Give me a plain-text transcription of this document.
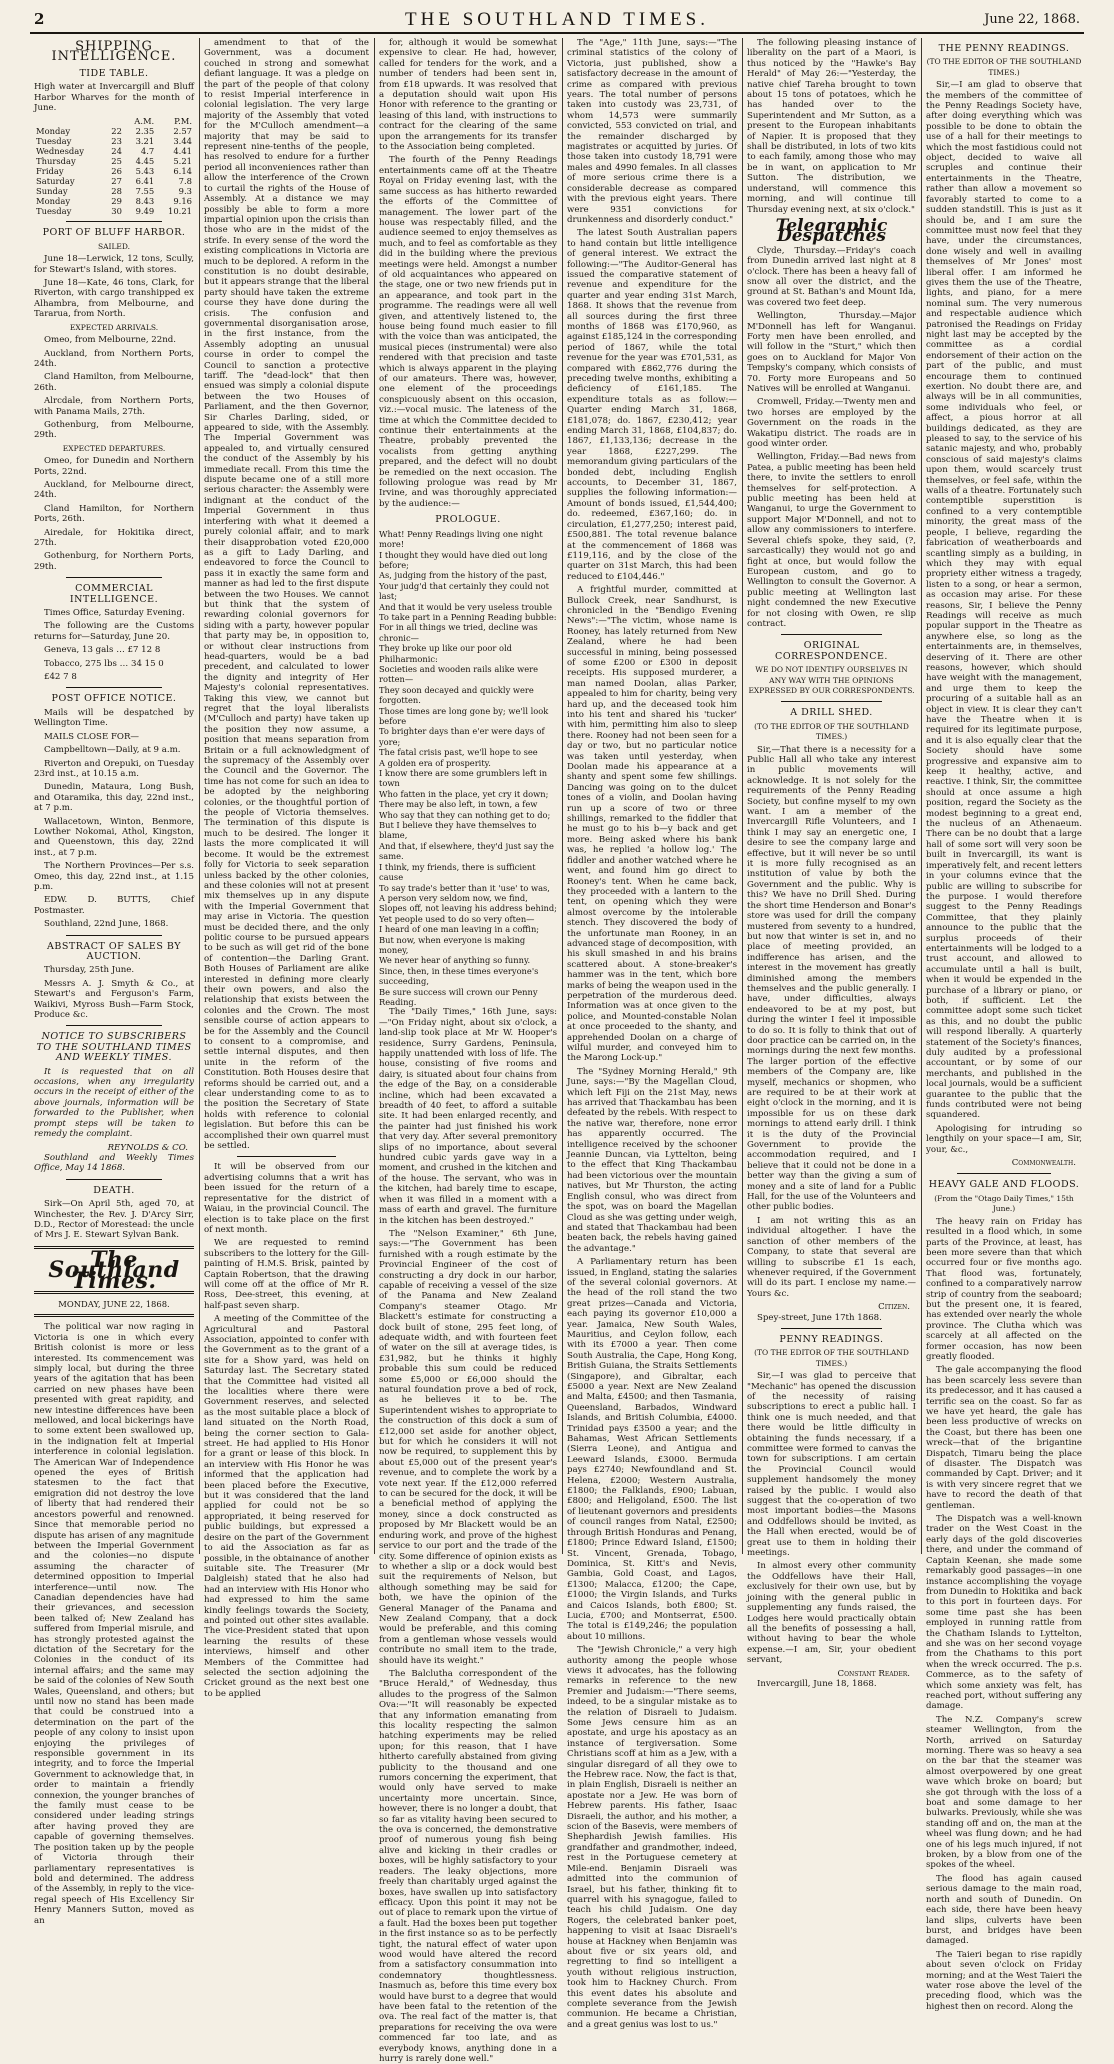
2	THE SOUTHLAND TIMES.	June 22, 1868.
SHIPPING INTELLIGENCE.
TIDE TABLE.

High water at Invercargill and Bluff Harbor Wharves for the month of June.

		A.M.	P.M.
Monday	22	2.35	2.57
Tuesday	23	3.21	3.44
Wednesday	24	4.7	4.41
Thursday	25	4.45	5.21
Friday	26	5.43	6.14
Saturday	27	6.41	7.8
Sunday	28	7.55	9.3
Monday	29	8.43	9.16
Tuesday	30	9.49	10.21
PORT OF BLUFF HARBOR.
SAILED.

June 18—Lerwick, 12 tons, Scully, for Stewart's Island, with stores.

June 18—Kate, 46 tons, Clark, for Riverton, with cargo transhipped ex Alhambra, from Melbourne, and Tararua, from North.

EXPECTED ARRIVALS.

Omeo, from Melbourne, 22nd.

Auckland, from Northern Ports, 24th.

Cland Hamilton, from Melbourne, 26th.

Alrcdale, from Northern Ports, with Panama Mails, 27th.

Gothenburg, from Melbourne, 29th.

EXPECTED DEPARTURES.

Omeo, for Dunedin and Northern Ports, 22nd.

Auckland, for Melbourne direct, 24th.

Cland Hamilton, for Northern Ports, 26th.

Airedale, for Hokitika direct, 27th.

Gothenburg, for Northern Ports, 29th.

COMMERCIAL INTELLIGENCE.

Times Office, Saturday Evening.

The following are the Customs returns for—Saturday, June 20.

Geneva, 13 gals … £7 12 8

Tobacco, 275 lbs … 34 15 0

£42 7 8

POST OFFICE NOTICE.

Mails will be despatched by Wellington Time.

MAILS CLOSE FOR—

Campbelltown—Daily, at 9 a.m.

Riverton and Orepuki, on Tuesday 23rd inst., at 10.15 a.m.

Dunedin, Mataura, Long Bush, and Otaramika, this day, 22nd inst., at 7 p.m.

Wallacetown, Winton, Benmore, Lowther Nokomai, Athol, Kingston, and Queenstown, this day, 22nd inst., at 7 p.m.

The Northern Provinces—Per s.s. Omeo, this day, 22nd inst., at 1.15 p.m.

EDW. D. BUTTS, Chief Postmaster.

Southland, 22nd June, 1868.

ABSTRACT OF SALES BY AUCTION.

Thursday, 25th June.

Messrs A. J. Smyth & Co., at Stewart's and Ferguson's Farm, Waikivi, Myross Bush—Farm Stock, Produce &c.

NOTICE TO SUBSCRIBERS TO THE SOUTHLAND TIMES AND WEEKLY TIMES.

It is requested that on all occasions, when any irregularity occurs in the receipt of either of the above journals, information will be forwarded to the Publisher, when prompt steps will be taken to remedy the complaint.

REYNOLDS & CO.

Southland and Weekly Times Office, May 14 1868.

DEATH.

Sirk—On April 5th, aged 70, at Winchester, the Rev. J. D'Arcy Sirr, D.D., Rector of Morestead: the uncle of Mrs J. E. Stewart Sylvan Bank.

The Southland Times.
MONDAY, JUNE 22, 1868.

The political war now raging in Victoria is one in which every British colonist is more or less interested. Its commencement was simply local, but during the three years of the agitation that has been carried on new phases have been presented with great rapidity, and new intestine differences have been mellowed, and local bickerings have to some extent been swallowed up, in the indignation felt at Imperial interference in colonial legislation. The American War of Independence opened the eyes of British statesmen to the fact that emigration did not destroy the love of liberty that had rendered their ancestors powerful and renowned. Since that memorable period no dispute has arisen of any magnitude between the Imperial Government and the colonies—no dispute assuming the character of determined opposition to Imperial interference—until now. The Canadian dependencies have had their grievances, and secession been talked of; New Zealand has suffered from Imperial misrule, and has strongly protested against the dictation of the Secretary for the Colonies in the conduct of its internal affairs; and the same may be said of the colonies of New South Wales, Queensland, and others; but until now no stand has been made that could be construed into a determination on the part of the people of any colony to insist upon enjoying the privileges of responsible government in its integrity, and to force the Imperial Government to acknowledge that, in order to maintain a friendly connexion, the younger branches of the family must cease to be considered under leading strings after having proved they are capable of governing themselves. The position taken up by the people of Victoria through their parliamentary representatives is bold and determined. The address of the Assembly, in reply to the vice-regal speech of His Excellency Sir Henry Manners Sutton, moved as an

amendment to that of the Government, was a document couched in strong and somewhat defiant language. It was a pledge on the part of the people of that colony to resist Imperial interference in colonial legislation. The very large majority of the Assembly that voted for the M'Culloch amendment—a majority that may be said to represent nine-tenths of the people, has resolved to endure for a further period all inconveniences rather than allow the interference of the Crown to curtail the rights of the House of Assembly. At a distance we may possibly be able to form a more impartial opinion upon the crisis than those who are in the midst of the strife. In every sense of the word the existing complications in Victoria are much to be deplored. A reform in the constitution is no doubt desirable, but it appears strange that the liberal party should have taken the extreme course they have done during the crisis. The confusion and governmental disorganisation arose, in the first instance, from the Assembly adopting an unusual course in order to compel the Council to sanction a protective tariff. The "dead-lock" that then ensued was simply a colonial dispute between the two Houses of Parliament, and the then Governor, Sir Charles Darling, sided, or appeared to side, with the Assembly. The Imperial Government was appealed to, and virtually censured the conduct of the Assembly by his immediate recall. From this time the dispute became one of a still more serious character: the Assembly were indignant at the conduct of the Imperial Government in thus interfering with what it deemed a purely colonial affair, and to mark their disapprobation voted £20,000 as a gift to Lady Darling, and endeavored to force the Council to pass it in exactly the same form and manner as had led to the first dispute between the two Houses. We cannot but think that the system of rewarding colonial governors for siding with a party, however popular that party may be, in opposition to, or without clear instructions from head-quarters, would be a bad precedent, and calculated to lower the dignity and integrity of Her Majesty's colonial representatives. Taking this view, we cannot but regret that the loyal liberalists (M'Culloch and party) have taken up the position they now assume, a position that means separation from Britain or a full acknowledgment of the supremacy of the Assembly over the Council and the Governor. The time has not come for such an idea to be adopted by the neighboring colonies, or the thoughtful portion of the people of Victoria themselves. The termination of this dispute is much to be desired. The longer it lasts the more complicated it will become. It would be the extremest folly for Victoria to seek separation unless backed by the other colonies, and these colonies will not at present mix themselves up in any dispute with the Imperial Government that may arise in Victoria. The question must be decided there, and the only politic course to be pursued appears to be such as will get rid of the bone of contention—the Darling Grant. Both Houses of Parliament are alike interested in defining more clearly their own powers, and also the relationship that exists between the colonies and the Crown. The most sensible course of action appears to be for the Assembly and the Council to consent to a compromise, and settle internal disputes, and then unite in the reform of the Constitution. Both Houses desire that reforms should be carried out, and a clear understanding come to as to the position the Secretary of State holds with reference to colonial legislation. But before this can be accomplished their own quarrel must be settled.

It will be observed from our advertising columns that a writ has been issued for the return of a representative for the district of Waiau, in the provincial Council. The election is to take place on the first of next month.

We are requested to remind subscribers to the lottery for the Gill-painting of H.M.S. Brisk, painted by Captain Robertson, that the drawing will come off at the office of Mr R. Ross, Dee-street, this evening, at half-past seven sharp.

A meeting of the Committee of the Agricultural and Pastoral Association, appointed to confer with the Government as to the grant of a site for a Show yard, was held on Saturday last. The Secretary stated that the Committee had visited all the localities where there were Government reserves, and selected as the most suitable place a block of land situated on the North Road, being the corner section to Gala-street. He had applied to His Honor for a grant or lease of this block. In an interview with His Honor he was informed that the application had been placed before the Executive, but it was considered that the land applied for could not be so appropriated, it being reserved for public buildings, but expressed a desire on the part of the Government to aid the Association as far as possible, in the obtainance of another suitable site. The Treasurer (Mr Dalgleish) stated that he also had had an interview with His Honor who had expressed to him the same kindly feelings towards the Society, and pointed out other sites available. The vice-President stated that upon learning the results of these interviews, himself and other Members of the Committee had selected the section adjoining the Cricket ground as the next best one to be applied

for, although it would be somewhat expensive to clear. He had, however, called for tenders for the work, and a number of tenders had been sent in, from £18 upwards. It was resolved that a deputation should wait upon His Honor with reference to the granting or leasing of this land, with instructions to contract for the clearing of the same upon the arrangements for its transfer to the Association being completed.

The fourth of the Penny Readings entertainments came off at the Theatre Royal on Friday evening last, with the same success as has hitherto rewarded the efforts of the Committee of management. The lower part of the house was respectably filled, and the audience seemed to enjoy themselves as much, and to feel as comfortable as they did in the building where the previous meetings were held. Amongst a number of old acquaintances who appeared on the stage, one or two new friends put in an appearance, and took part in the programme. The readings were all well given, and attentively listened to, the house being found much easier to fill with the voice than was anticipated, the musical pieces (instrumental) were also rendered with that precision and taste which is always apparent in the playing of our amateurs. There was, however, one element of the proceedings conspicuously absent on this occasion, viz.:—vocal music. The lateness of the time at which the Committee decided to continue their entertainments at the Theatre, probably prevented the vocalists from getting anything prepared, and the defect will no doubt be remedied on the next occasion. The following prologue was read by Mr Irvine, and was thoroughly appreciated by the audience:—

PROLOGUE.

What! Penny Readings living one night more!

I thought they would have died out long before;

As, judging from the history of the past,

Your judg'd that certainly they could not last;

And that it would be very useless trouble

To take part in a Penning Reading bubble:

For in all things we tried, decline was chronic—

They broke up like our poor old Philharmonic:

Societies and wooden rails alike were rotten—

They soon decayed and quickly were forgotten.

Those times are long gone by; we'll look before

To brighter days than e'er were days of yore;

The fatal crisis past, we'll hope to see

A golden era of prosperity.

I know there are some grumblers left in town

Who fatten in the place, yet cry it down;

There may be also left, in town, a few

Who say that they can nothing get to do;

But I believe they have themselves to blame,

And that, if elsewhere, they'd just say the same.

I think, my friends, there is sufficient cause

To say trade's better than it 'use' to was,

A person very seldom now, we find,

Slopes off, not leaving his address behind;

Yet people used to do so very often—

I heard of one man leaving in a coffin;

But now, when everyone is making money,

We never hear of anything so funny.

Since, then, in these times everyone's succeeding,

Be sure success will crown our Penny Reading.

The "Daily Times," 16th June, says:—"On Friday night, about six o'clock, a land-slip took place at Mr W. Hooper's residence, Surry Gardens, Peninsula, happily unattended with loss of life. The house, consisting of five rooms and dairy, is situated about four chains from the edge of the Bay, on a considerable incline, which had been excavated a breadth of 40 feet, to afford a suitable site. It had been enlarged recently, and the painter had just finished his work that very day. After several premonitory slips of no importance, about several hundred cubic yards gave way in a moment, and crushed in the kitchen and of the house. The servant, who was in the kitchen, had barely time to escape, when it was filled in a moment with a mass of earth and gravel. The furniture in the kitchen has been destroyed."

The "Nelson Examiner," 6th June, says:—"The Government has been furnished with a rough estimate by the Provincial Engineer of the cost of constructing a dry dock in our harbor, capable of receiving a vessel of the size of the Panama and New Zealand Company's steamer Otago. Mr Blackett's estimate for constructing a dock built of stone, 295 feet long, of adequate width, and with fourteen feet of water on the sill at average tides, is £31,982, but he thinks it highly probable this sum could be reduced some £5,000 or £6,000 should the natural foundation prove a bed of rock, as he believes it to be. The Superintendent wishes to appropriate to the construction of this dock a sum of £12,000 set aside for another object, but for which he considers it will not now be required, to supplement this by about £5,000 out of the present year's revenue, and to complete the work by a vote next year. If the £12,000 referred to can be secured for the dock, it will be a beneficial method of applying the money, since a dock constructed as proposed by Mr Blackett would be an enduring work, and prove of the highest service to our port and the trade of the city. Some difference of opinion exists as to whether a slip or a dock would best suit the requirements of Nelson, but although something may be said for both, we have the opinion of the General Manager of the Panama and New Zealand Company, that a dock would be preferable, and this coming from a gentleman whose vessels would contribute no small item to the trade, should have its weight."

The Balclutha correspondent of the "Bruce Herald," of Wednesday, thus alludes to the progress of the Salmon Ova:—"It will reasonably be expected that any information emanating from this locality respecting the salmon hatching experiments may be relied upon; for this reason, that I have hitherto carefully abstained from giving publicity to the thousand and one rumors concerning the experiment, that would only have served to make uncertainty more uncertain. Since, however, there is no longer a doubt, that so far as vitality having been secured to the ova is concerned, the demonstrative proof of numerous young fish being alive and kicking in their cradles or boxes, will be highly satisfactory to your readers. The leaky objections, more freely than charitably urged against the boxes, have swallen up into satisfactory efficacy. Upon this point it may not be out of place to remark upon the virtue of a fault. Had the boxes been put together in the first instance so as to be perfectly tight, the natural effect of water upon wood would have altered the record from a satisfactory consummation into condemnatory thoughtlessness. Inasmuch as, before this time every box would have burst to a degree that would have been fatal to the retention of the ova. The real fact of the matter is, that preparations for receiving the ova were commenced far too late, and as everybody knows, anything done in a hurry is rarely done well."

The "Age," 11th June, says:—"The criminal statistics of the colony of Victoria, just published, show a satisfactory decrease in the amount of crime as compared with previous years. The total number of persons taken into custody was 23,731, of whom 14,573 were summarily convicted, 553 convicted on trial, and the remainder discharged by magistrates or acquitted by juries. Of those taken into custody 18,791 were males and 4990 females. In all classes of more serious crime there is a considerable decrease as compared with the previous eight years. There were 9351 convictions for drunkenness and disorderly conduct."

The latest South Australian papers to hand contain but little intelligence of general interest. We extract the following:—"The Auditor-General has issued the comparative statement of revenue and expenditure for the quarter and year ending 31st March, 1868. It shows that the revenue from all sources during the first three months of 1868 was £170,960, as against £185,124 in the corresponding period of 1867, while the total revenue for the year was £701,531, as compared with £862,776 during the preceding twelve months, exhibiting a deficiency of £161,185. The expenditure totals as as follow:—Quarter ending March 31, 1868, £181,078; do. 1867, £230,412; year ending March 31, 1868, £104,837; do. 1867, £1,133,136; decrease in the year 1868, £227,299. The memorandum giving particulars of the bonded debt, including English accounts, to December 31, 1867, supplies the following information:—Amount of bonds issued, £1,544,400; do. redeemed, £367,160; do. in circulation, £1,277,250; interest paid, £500,881. The total revenue balance at the commencement of 1868 was £119,116, and by the close of the quarter on 31st March, this had been reduced to £104,446."

A frightful murder, committed at Bullock Creek, near Sandhurst, is chronicled in the "Bendigo Evening News":—"The victim, whose name is Rooney, has lately returned from New Zealand, where he had been successful in mining, being possessed of some £200 or £300 in deposit receipts. His supposed murderer, a man named Doolan, alias Parker, appealed to him for charity, being very hard up, and the deceased took him into his tent and shared his 'tucker' with him, permitting him also to sleep there. Rooney had not been seen for a day or two, but no particular notice was taken until yesterday, when Doolan made his appearance at a shanty and spent some few shillings. Dancing was going on to the dulcet tones of a violin, and Doolan having run up a score of two or three shillings, remarked to the fiddler that he must go to his b—y back and get more. Being asked where his bank was, he replied 'a hollow log.' The fiddler and another watched where he went, and found him go direct to Rooney's tent. When he came back, they proceeded with a lantern to the tent, on opening which they were almost overcome by the intolerable stench. They discovered the body of the unfortunate man Rooney, in an advanced stage of decomposition, with his skull smashed in and his brains scattered about. A stone-breaker's hammer was in the tent, which bore marks of being the weapon used in the perpetration of the murderous deed. Information was at once given to the police, and Mounted-constable Nolan at once proceeded to the shanty, and apprehended Doolan on a charge of wilful murder, and conveyed him to the Marong Lock-up."

The "Sydney Morning Herald," 9th June, says:—"By the Magellan Cloud, which left Fiji on the 21st May, news has arrived that Thackambau has been defeated by the rebels. With respect to the native war, therefore, none error has apparently occurred. The intelligence received by the schooner Jeannie Duncan, via Lyttelton, being to the effect that King Thackambau had been victorious over the mountain natives, but Mr Thurston, the acting English consul, who was direct from the spot, was on board the Magellan Cloud as she was getting under weigh, and stated that Thackambau had been beaten back, the rebels having gained the advantage."

A Parliamentary return has been issued, in England, stating the salaries of the several colonial governors. At the head of the roll stand the two great prizes—Canada and Victoria, each paying its governor £10,000 a year. Jamaica, New South Wales, Mauritius, and Ceylon follow, each with its £7000 a year. Then come South Australia, the Cape, Hong Kong, British Guiana, the Straits Settlements (Singapore), and Gibraltar, each £5000 a year. Next are New Zealand and Malta, £4500; and then Tasmania, Queensland, Barbados, Windward Islands, and British Columbia, £4000. Trinidad pays £3500 a year; and the Bahamas, West African Settlements (Sierra Leone), and Antigua and Leeward Islands, £3000. Bermuda pays £2740; Newfoundland and St. Helena, £2000; Western Australia, £1800; the Falklands, £900; Labuan, £800; and Heligoland, £500. The list of lieutenant governors and presidents of council ranges from Natal, £2500; through British Honduras and Penang, £1800; Prince Edward Island, £1500; St. Vincent, Grenada, Tobago, Dominica, St. Kitt's and Nevis, Gambia, Gold Coast, and Lagos, £1300; Malacca, £1200; the Cape, £1000; the Virgin Islands, and Turks and Caicos Islands, both £800; St. Lucia, £700; and Montserrat, £500. The total is £149,246; the population about 10 millions.

The "Jewish Chronicle," a very high authority among the people whose views it advocates, has the following remarks in reference to the new Premier and Judaism:—"There seems, indeed, to be a singular mistake as to the relation of Disraeli to Judaism. Some Jews censure him as an apostate, and urge his apostacy as an instance of tergiversation. Some Christians scoff at him as a Jew, with a singular disregard of all they owe to the Hebrew race. Now, the fact is that, in plain English, Disraeli is neither an apostate nor a Jew. He was born of Hebrew parents. His father, Isaac Disraeli, the author, and his mother, a scion of the Basevis, were members of Shephardish Jewish families. His grandfather and grandmother, indeed, rest in the Portuguese cemetery at Mile-end. Benjamin Disraeli was admitted into the communion of Israel, but his father, thinking fit to quarrel with his synagogue, failed to teach his child Judaism. One day Rogers, the celebrated banker poet, happening to visit at Isaac Disraeli's house at Hackney when Benjamin was about five or six years old, and regretting to find so intelligent a youth without religious instruction, took him to Hackney Church. From this event dates his absolute and complete severance from the Jewish communion. He became a Christian, and a great genius was lost to us."

The following pleasing instance of liberality on the part of a Maori, is thus noticed by the "Hawke's Bay Herald" of May 26:—"Yesterday, the native chief Tareha brought to town about 15 tons of potatoes, which he has handed over to the Superintendent and Mr Sutton, as a present to the European inhabitants of Napier. It is proposed that they shall be distributed, in lots of two kits to each family, among those who may be in want, on application to Mr Sutton. The distribution, we understand, will commence this morning, and will continue till Thursday evening next, at six o'clock."

Telegraphic Despatches

Clyde, Thursday.—Friday's coach from Dunedin arrived last night at 8 o'clock. There has been a heavy fall of snow all over the district, and the ground at St. Bathan's and Mount Ida, was covered two feet deep.

Wellington, Thursday.—Major M'Donnell has left for Wanganui. Forty men have been enrolled, and will follow in the "Sturt," which then goes on to Auckland for Major Von Tempsky's company, which consists of 70. Forty more Europeans and 50 Natives will be enrolled at Wanganui.

Cromwell, Friday.—Twenty men and two horses are employed by the Government on the roads in the Wakatipu district. The roads are in good winter order.

Wellington, Friday.—Bad news from Patea, a public meeting has been held there, to invite the settlers to enroll themselves for self-protection. A public meeting has been held at Wanganui, to urge the Government to support Major M'Donnell, and not to allow any commissioners to interfere. Several chiefs spoke, they said, (?, sarcastically) they would not go and fight at once, but would follow the European custom, and go to Wellington to consult the Governor. A public meeting at Wellington last night condemned the new Executive for not closing with Owen, re slip contract.

ORIGINAL CORRESPONDENCE.
WE DO NOT IDENTIFY OURSELVES IN ANY WAY WITH THE OPINIONS EXPRESSED BY OUR CORRESPONDENTS.
A DRILL SHED.
(TO THE EDITOR OF THE SOUTHLAND TIMES.)

Sir,—That there is a necessity for a Public Hall all who take any interest in public movements will acknowledge. It is not solely for the requirements of the Penny Reading Society, but confine myself to my own want. I am a member of the Invercargill Rifle Volunteers, and I think I may say an energetic one, I desire to see the company large and effective, but it will never be so until it is more fully recognised as an institution of value by both the Government and the public. Why is this? We have no Drill Shed. During the short time Henderson and Bonar's store was used for drill the company mustered from seventy to a hundred, but now that winter is set in, and no place of meeting provided, an indifference has arisen, and the interest in the movement has greatly diminished among the members themselves and the public generally. I have, under difficulties, always endeavored to be at my post, but during the winter I feel it impossible to do so. It is folly to think that out of door practice can be carried on, in the mornings during the next few months. The larger portion of the effective members of the Company are, like myself, mechanics or shopmen, who are required to be at their work at eight o'clock in the morning, and it is impossible for us on these dark mornings to attend early drill. I think it is the duty of the Provincial Government to provide the accommodation required, and I believe that it could not be done in a better way than the giving a sum of money and a site of land for a Public Hall, for the use of the Volunteers and other public bodies.

I am not writing this as an individual altogether. I have the sanction of other members of the Company, to state that several are willing to subscribe £1 1s each, whenever required, if the Government will do its part. I enclose my name.—Yours &c.

Citizen.

Spey-street, June 17th 1868.

PENNY READINGS.
(TO THE EDITOR OF THE SOUTHLAND TIMES.)

Sir,—I was glad to perceive that "Mechanic" has opened the discussion of the necessity of raising subscriptions to erect a public hall. I think one is much needed, and that there would be little difficulty in obtaining the funds necessary, if a committee were formed to canvas the town for subscriptions. I am certain the Provincial Council would supplement handsomely the money raised by the public. I would also suggest that the co-operation of two most important bodies—the Masons and Oddfellows should be invited, as the Hall when erected, would be of great use to them in holding their meetings.

In almost every other community the Oddfellows have their Hall, exclusively for their own use, but by joining with the general public in supplementing any funds raised, the Lodges here would practically obtain all the benefits of possessing a hall, without having to bear the whole expense.—I am, Sir, your obedient servant,

Constant Reader.

Invercargill, June 18, 1868.

THE PENNY READINGS.
(TO THE EDITOR OF THE SOUTHLAND TIMES.)

Sir,—I am glad to observe that the members of the committee of the Penny Readings Society have, after doing everything which was possible to be done to obtain the use of a hall for their meetings to which the most fastidious could not object, decided to waive all scruples and continue their entertainments in the Theatre, rather than allow a movement so favorably started to come to a sudden standstill. This is just as it should be, and I am sure the committee must now feel that they have, under the circumstances, done wisely and well in availing themselves of Mr Jones' most liberal offer. I am informed he gives them the use of the Theatre, lights, and piano, for a mere nominal sum. The very numerous and respectable audience which patronised the Readings on Friday night last may be accepted by the committee as a cordial endorsement of their action on the part of the public, and must encourage them to continued exertion. No doubt there are, and always will be in all communities, some individuals who feel, or affect, a pious horror at all buildings dedicated, as they are pleased to say, to the service of his satanic majesty, and who, probably conscious of said majesty's claims upon them, would scarcely trust themselves, or feel safe, within the walls of a theatre. Fortunately such contemptible superstition is confined to a very contemptible minority, the great mass of the people, I believe, regarding the fabrication of weatherboards and scantling simply as a building, in which they may with equal propriety either witness a tragedy, listen to a song, or hear a sermon, as occasion may arise. For these reasons, Sir, I believe the Penny Readings will receive as much popular support in the Theatre as anywhere else, so long as the entertainments are, in themselves, deserving of it. There are other reasons, however, which should have weight with the management, and urge them to keep the procuring of a suitable hall as an object in view. It is clear they can't have the Theatre when it is required for its legitimate purpose, and it is also equally clear that the Society should have some progressive and expansive aim to keep it healthy, active, and reactive. I think, Sir, the committee should at once assume a high position, regard the Society as the modest beginning to a great end, the nucleus of an Athenaeum. There can be no doubt that a large hall of some sort will very soon be built in Invercargill, its want is imperatively felt, and recent letters in your columns evince that the public are willing to subscribe for the purpose. I would therefore suggest to the Penny Readings Committee, that they plainly announce to the public that the surplus proceeds of their entertainments will be lodged to a trust account, and allowed to accumulate until a hall is built, when it would be expended in the purchase of a library or piano, or both, if sufficient. Let the committee adopt some such ticket as this, and no doubt the public will respond liberally. A quarterly statement of the Society's finances, duly audited by a professional accountant, or by some of our merchants, and published in the local journals, would be a sufficient guarantee to the public that the funds contributed were not being squandered.

Apologising for intruding so lengthily on your space—I am, Sir, your, &c.,

Commonwealth.
HEAVY GALE AND FLOODS.
(From the "Otago Daily Times," 15th June.)

The heavy rain on Friday has resulted in a flood which, in some parts of the Province, at least, has been more severe than that which occurred four or five months ago. That flood was, fortunately, confined to a comparatively narrow strip of country from the seaboard; but the present one, it is feared, has extended over nearly the whole province. The Clutha which was scarcely at all affected on the former occasion, has now been greatly flooded.

The gale accompanying the flood has been scarcely less severe than its predecessor, and it has caused a terrific sea on the coast. So far as we have yet heard, the gale has been less productive of wrecks on the Coast, but there has been one wreck—that of the brigantine Dispatch, Timaru being the place of disaster. The Dispatch was commanded by Capt. Driver; and it is with very sincere regret that we have to record the death of that gentleman.

The Dispatch was a well-known trader on the West Coast in the early days of the gold discoveries there, and under the command of Captain Keenan, she made some remarkably good passages—in one instance accomplishing the voyage from Dunedin to Hokitika and back to this port in fourteen days. For some time past she has been employed in running rattle from the Chatham Islands to Lyttelton, and she was on her second voyage from the Chathams to this port when the wreck occurred. The p.s. Commerce, as to the safety of which some anxiety was felt, has reached port, without suffering any damage.

The N.Z. Company's screw steamer Wellington, from the North, arrived on Saturday morning. There was so heavy a sea on the bar that the steamer was almost overpowered by one great wave which broke on board; but she got through with the loss of a boat and some damage to her bulwarks. Previously, while she was standing off and on, the man at the wheel was flung down; and he had one of his legs much injured, if not broken, by a blow from one of the spokes of the wheel.

The flood has again caused serious damage to the main road, north and south of Dunedin. On each side, there have been heavy land slips, culverts have been burst, and bridges have been damaged.

The Taieri began to rise rapidly about seven o'clock on Friday morning; and at the West Taieri the water rose above the level of the preceding flood, which was the highest then on record. Along the
